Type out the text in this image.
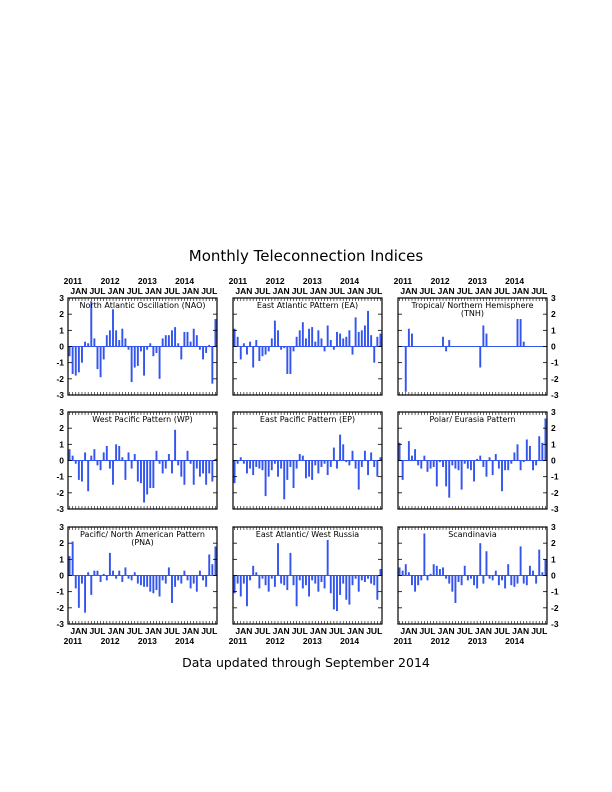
Monthly Teleconnection Indices
3
2
1
0
-1
-2
-3
JAN JUL JAN JUL JAN JUL JAN JUL
2011 2012 2013 2014
North Atlantic Oscillation (NAO)
JAN JUL JAN JUL JAN JUL JAN JUL
2011 2012 2013 2014
East Atlantic PAttern (EA)
3
2
1
0
-1
-2
-3
JAN JUL JAN JUL JAN JUL JAN JUL
2011 2012 2013 2014
Tropical/ Northern Hemisphere
(TNH)
3
2
1
0
-1
-2
-3
West Pacific Pattern (WP)	East Pacific Pattern (EP)
3
2
1
0
-1
-2
-3
Polar/ Eurasia Pattern
3
2
1
0
-1
-2
-3
JAN JUL JAN JUL JAN JUL JAN JUL
2011 2012 2013 2014
Pacific/ North American Pattern
(PNA)
JAN JUL JAN JUL JAN JUL JAN JUL
2011 2012 2013 2014
East Atlantic/ West Russia
3
2
1
0
-1
-2
-3
JAN JUL JAN JUL JAN JUL JAN JUL
2011 2012 2013 2014
Scandinavia
Data updated through September 2014
